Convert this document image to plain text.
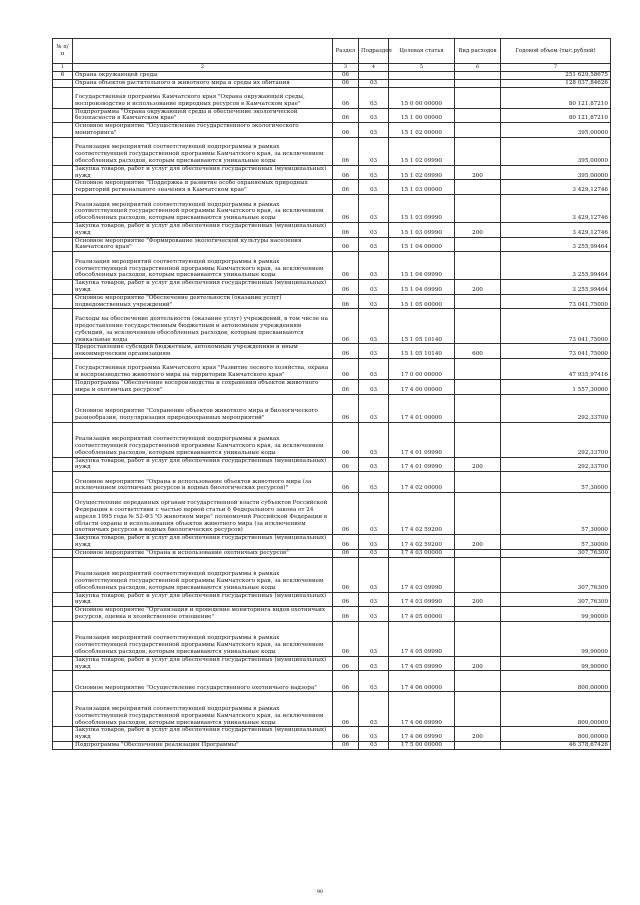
№ п/п		Раздел	Подраздел	Целевая статья	Вид расходов	Годовой объем (тыс.рублей)
1	2	3	4	5	6	7
6	Охрана окружающей среды	06				251 629,58675
	Охрана объектов растительного и животного мира и среды их обитания	06	03			128 037,84626
	Государственная программа Камчатского края "Охрана окружающей среды, воспроизводство и использование природных ресурсов в Камчатском крае"	06	03	15 0 00 00000		80 121,87210
	Подпрограмма "Охрана окружающей среды и обеспечение экологической безопасности в Камчатском крае"	06	03	15 1 00 00000		80 121,87210
	Основное мероприятие "Осуществление государственного экологического мониторинга"	06	03	15 1 02 00000		395,00000
	Реализация мероприятий соответствующей подпрограммы в рамках соответствующей государственной программы Камчатского края, за исключением обособленных расходов, которым присваиваются уникальные коды	06	03	15 1 02 09990		395,00000
	Закупка товаров, работ и услуг для обеспечения государственных (муниципальных) нужд	06	03	15 1 02 09990	200	395,00000
	Основное мероприятие "Поддержка и развитие особо охраняемых природных территорий регионального значения в Камчатском крае"	06	03	15 1 03 00000		3 429,12746
	Реализация мероприятий соответствующей подпрограммы в рамках соответствующей государственной программы Камчатского края, за исключением обособленных расходов, которым присваиваются уникальные коды	06	03	15 1 03 09990		3 429,12746
	Закупка товаров, работ и услуг для обеспечения государственных (муниципальных) нужд	06	03	15 1 03 09990	200	3 429,12746
	Основное мероприятие "Формирование экологической культуры населения Камчатского края"	06	03	15 1 04 00000		3 255,99464
	Реализация мероприятий соответствующей подпрограммы в рамках соответствующей государственной программы Камчатского края, за исключением обособленных расходов, которым присваиваются уникальные коды	06	03	15 1 04 09990		3 255,99464
	Закупка товаров, работ и услуг для обеспечения государственных (муниципальных) нужд	06	03	15 1 04 09990	200	3 255,99464
	Основное мероприятие "Обеспечение деятельности (оказание услуг) подведомственных учреждений"	06	03	15 1 05 00000		73 041,75000
	Расходы на обеспечение деятельности (оказание услуг) учреждений, в том числе на предоставление государственным бюджетным и автономным учреждениям субсидий, за исключением обособленных расходов, которым присваиваются уникальные коды	06	03	15 1 05 10140		73 041,75000
	Предоставление субсидий бюджетным, автономным учреждениям и иным некоммерческим организациям	06	03	15 1 05 10140	600	73 041,75000
	Государственная программа Камчатского края "Развитие лесного хозяйства, охрана и воспроизводство животного мира на территории Камчатского края"	06	03	17 0 00 00000		47 935,97416
	Подпрограмма "Обеспечение воспроизводства и сохранения объектов животного мира и охотничьих ресурсов"	06	03	17 4 00 00000		1 557,30000
	Основное мероприятие "Сохранение объектов животного мира и биологического разнообразия, популяризация природоохранных мероприятий"	06	03	17 4 01 00000		292,33700
	Реализация мероприятий соответствующей подпрограммы в рамках соответствующей государственной программы Камчатского края, за исключением обособленных расходов, которым присваиваются уникальные коды	06	03	17 4 01 09990		292,33700
	Закупка товаров, работ и услуг для обеспечения государственных (муниципальных) нужд	06	03	17 4 01 09990	200	292,33700
	Основное мероприятие "Охрана и использование объектов животного мира (за исключением охотничьих ресурсов и водных биологических ресурсов)"	06	03	17 4 02 00000		57,30000
	Осуществление переданных органам государственной власти субъектов Российской Федерации в соответствии с частью первой статьи 6 Федерального закона от 24 апреля 1995 года № 52-ФЗ "О животном мире" полномочий Российской Федерации в области охраны и использования объектов животного мира (за исключением охотничьих ресурсов и водных биологических ресурсов)	06	03	17 4 02 59200		57,30000
	Закупка товаров, работ и услуг для обеспечения государственных (муниципальных) нужд	06	03	17 4 02 59200	200	57,30000
	Основное мероприятие "Охрана и использование охотничьих ресурсов"	06	03	17 4 03 00000		307,76300
	Реализация мероприятий соответствующей подпрограммы в рамках соответствующей государственной программы Камчатского края, за исключением обособленных расходов, которым присваиваются уникальные коды	06	03	17 4 03 09990		307,76300
	Закупка товаров, работ и услуг для обеспечения государственных (муниципальных) нужд	06	03	17 4 03 09990	200	307,76300
	Основное мероприятие "Организация и проведение мониторинга видов охотничьих ресурсов, оценка и хозяйственное отношение"	06	03	17 4 05 00000		99,90000
	Реализация мероприятий соответствующей подпрограммы в рамках соответствующей государственной программы Камчатского края, за исключением обособленных расходов, которым присваиваются уникальные коды	06	03	17 4 05 09990		99,90000
	Закупка товаров, работ и услуг для обеспечения государственных (муниципальных) нужд	06	03	17 4 05 09990	200	99,90000
	Основное мероприятие "Осуществление государственного охотничьего надзора"	06	03	17 4 06 00000		800,00000
	Реализация мероприятий соответствующей подпрограммы в рамках соответствующей государственной программы Камчатского края, за исключением обособленных расходов, которым присваиваются уникальные коды	06	03	17 4 06 09990		800,00000
	Закупка товаров, работ и услуг для обеспечения государственных (муниципальных) нужд	06	03	17 4 06 09990	200	800,00000
	Подпрограмма "Обеспечение реализации Программы"	06	03	17 5 00 00000		46 378,67426
90
